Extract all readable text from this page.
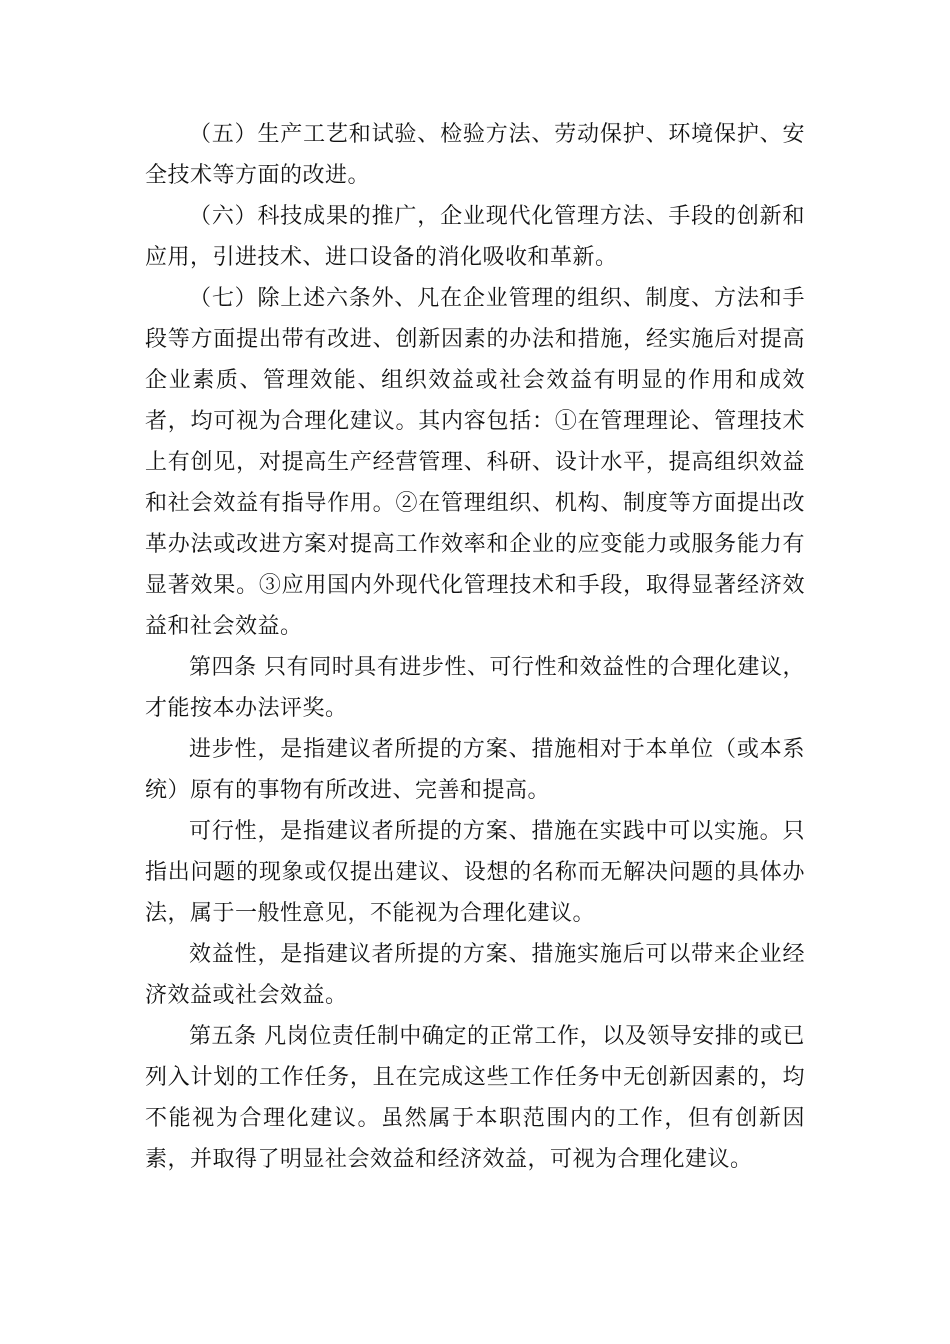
（五）生产工艺和试验、检验方法、劳动保护、环境保护、安全技术等方面的改进。

（六）科技成果的推广，企业现代化管理方法、手段的创新和应用，引进技术、进口设备的消化吸收和革新。

（七）除上述六条外、凡在企业管理的组织、制度、方法和手段等方面提出带有改进、创新因素的办法和措施，经实施后对提高企业素质、管理效能、组织效益或社会效益有明显的作用和成效者，均可视为合理化建议。其内容包括：①在管理理论、管理技术上有创见，对提高生产经营管理、科研、设计水平，提高组织效益和社会效益有指导作用。②在管理组织、机构、制度等方面提出改革办法或改进方案对提高工作效率和企业的应变能力或服务能力有显著效果。③应用国内外现代化管理技术和手段，取得显著经济效益和社会效益。

第四条 只有同时具有进步性、可行性和效益性的合理化建议，才能按本办法评奖。

进步性，是指建议者所提的方案、措施相对于本单位（或本系统）原有的事物有所改进、完善和提高。

可行性，是指建议者所提的方案、措施在实践中可以实施。只指出问题的现象或仅提出建议、设想的名称而无解决问题的具体办法，属于一般性意见，不能视为合理化建议。

效益性，是指建议者所提的方案、措施实施后可以带来企业经济效益或社会效益。

第五条 凡岗位责任制中确定的正常工作，以及领导安排的或已列入计划的工作任务，且在完成这些工作任务中无创新因素的，均不能视为合理化建议。虽然属于本职范围内的工作，但有创新因素，并取得了明显社会效益和经济效益，可视为合理化建议。
